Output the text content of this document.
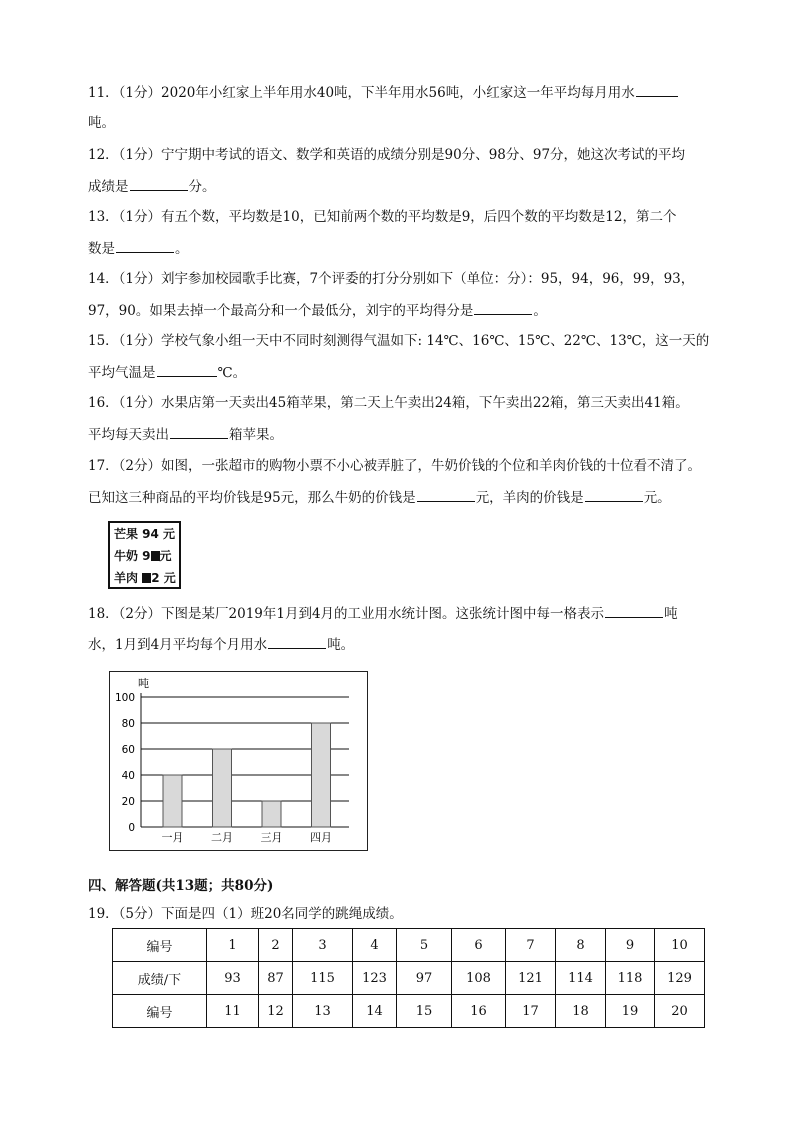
11．（1分）2020年小红家上半年用水40吨，下半年用水56吨，小红家这一年平均每月用水
吨。
12．（1分）宁宁期中考试的语文、数学和英语的成绩分别是90分、98分、97分，她这次考试的平均
成绩是	分。
13．（1分）有五个数，平均数是10，已知前两个数的平均数是9，后四个数的平均数是12，第二个
数是	。
14．（1分）刘宇参加校园歌手比赛，7个评委的打分分别如下（单位：分）：95，94，96，99，93，
97，90。如果去掉一个最高分和一个最低分，刘宇的平均得分是	。
15．（1分）学校气象小组一天中不同时刻测得气温如下: 14℃、16℃、15℃、22℃、13℃，这一天的
平均气温是	℃。
16．（1分）水果店第一天卖出45箱苹果，第二天上午卖出24箱，下午卖出22箱，第三天卖出41箱。
平均每天卖出	箱苹果。
17．（2分）如图，一张超市的购物小票不小心被弄脏了，牛奶价钱的个位和羊肉价钱的十位看不清了。
已知这三种商品的平均价钱是95元，那么牛奶的价钱是	元，羊肉的价钱是	元。
芒果 94 元
牛奶 9 元
羊肉 2 元
18．（2分）下图是某厂2019年1月到4月的工业用水统计图。这张统计图中每一格表示	吨
水，1月到4月平均每个月用水	吨。
吨
0
20
40
60
80
100
一月	二月	三月	四月
四、解答题(共13题；共80分)
19．（5分）下面是四（1）班20名同学的跳绳成绩。
编号	1	2	3	4	5	6	7	8	9	10
成绩/下	93	87	115	123	97	108	121	114	118	129
编号	11	12	13	14	15	16	17	18	19	20
